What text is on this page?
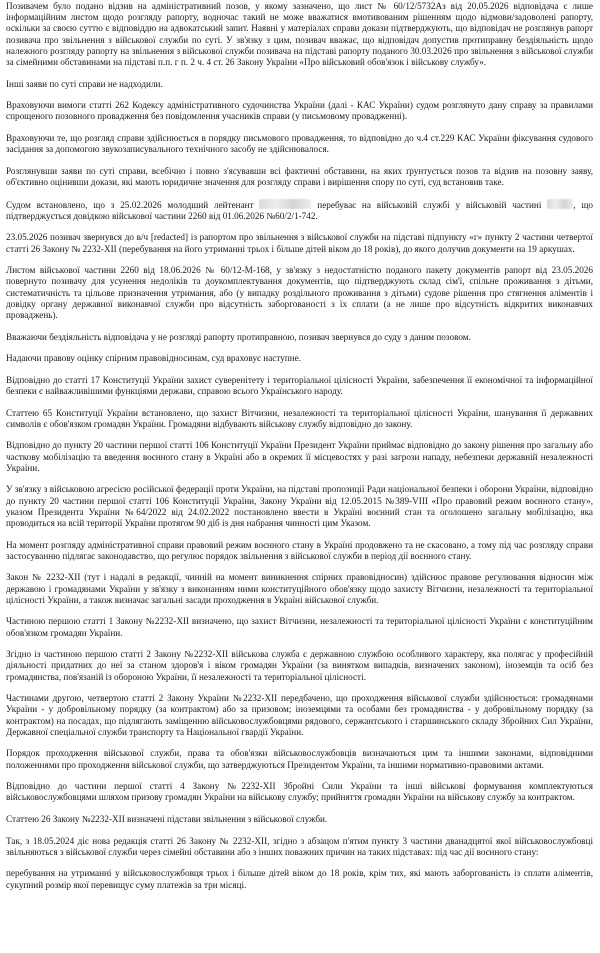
Позивачем було подано відзив на адміністративний позов, у якому зазначено, що лист № 60/12/5732Аз від 20.05.2026 відповідача є лише інформаційним листом щодо розгляду рапорту, водночас такий не може вважатися вмотивованим рішенням щодо відмови/задоволені рапорту, оскільки за своєю суттю є відповіддю на адвокатський запит. Наявні у матеріалах справи докази підтверджують, що відповідач не розглянув рапорт позивача про звільнення з військової служби по суті. У зв'язку з цим, позивач вважає, що відповідач допустив протиправну бездіяльність щодо належного розгляду рапорту на звільнення з військової служби позивача на підставі рапорту поданого 30.03.2026 про звільнення з військової служби за сімейними обставинами на підставі п.п. г п. 2 ч. 4 ст. 26 Закону України «Про військовий обов'язок і військову службу».

Інші заяви по суті справи не надходили.

Враховуючи вимоги статті 262 Кодексу адміністративного судочинства України (далі - КАС України) судом розглянуто дану справу за правилами спрощеного позовного провадження без повідомлення учасників справи (у письмовому провадженні).

Враховуючи те, що розгляд справи здійснюється в порядку письмового провадження, то відповідно до ч.4 ст.229 КАС України фіксування судового засідання за допомогою звукозаписувального технічного засобу не здійснювалося.

Розглянувши заяви по суті справи, всебічно і повно з'ясувавши всі фактичні обставини, на яких ґрунтується позов та відзив на позовну заяву, об'єктивно оцінивши докази, які мають юридичне значення для розгляду справи і вирішення спору по суті, суд встановив таке.

Судом встановлено, що з 25.02.2026 молодший лейтенант	перебуває на військовій службі у військовій частині	, що підтверджується довідкою військової частини 2260 від 01.06.2026 №60/2/1-742.

23.05.2026 позивач звернувся до в/ч [redacted] із рапортом про звільнення з військової служби на підставі підпункту «г» пункту 2 частини четвертої статті 26 Закону № 2232-XII (перебування на його утриманні трьох і більше дітей віком до 18 років), до якого долучив документи на 19 аркушах.

Листом військової частини 2260 від 18.06.2026 № 60/12-М-168, у зв'язку з недостатністю поданого пакету документів рапорт від 23.05.2026 повернуто позивачу для усунення недоліків та доукомплектування документів, що підтверджують склад сім'ї, спільне проживання з дітьми, систематичність та цільове призначення утримання, або (у випадку роздільного проживання з дітьми) судове рішення про стягнення аліментів і довідку органу державної виконавчої служби про відсутність заборгованості з їх сплати (а не лише про відсутність відкритих виконавчих проваджень).

Вважаючи бездіяльність відповідача у не розгляді рапорту протиправною, позивач звернувся до суду з даним позовом.

Надаючи правову оцінку спірним правовідносинам, суд враховує наступне.

Відповідно до статті 17 Конституції України захист суверенітету і територіальної цілісності України, забезпечення її економічної та інформаційної безпеки є найважливішими функціями держави, справою всього Українського народу.

Статтею 65 Конституції України встановлено, що захист Вітчизни, незалежності та територіальної цілісності України, шанування її державних символів є обов'язком громадян України. Громадяни відбувають військову службу відповідно до закону.

Відповідно до пункту 20 частини першої статті 106 Конституції України Президент України приймає відповідно до закону рішення про загальну або часткову мобілізацію та введення воєнного стану в Україні або в окремих її місцевостях у разі загрози нападу, небезпеки державній незалежності України.

У зв'язку з військовою агресією російської федерації проти України, на підставі пропозиції Ради національної безпеки і оборони України, відповідно до пункту 20 частини першої статті 106 Конституції України, Закону України від 12.05.2015 №389-VIII «Про правовий режим воєнного стану», указом Президента України №64/2022 від 24.02.2022 постановлено ввести в Україні воєнний стан та оголошено загальну мобілізацію, яка проводиться на всій території України протягом 90 діб із дня набрання чинності цим Указом.

На момент розгляду адміністративної справи правовий режим воєнного стану в Україні продовжено та не скасовано, а тому під час розгляду справи застосуванню підлягає законодавство, що регулює порядок звільнення з військової служби в період дії воєнного стану.

Закон № 2232-XII (тут і надалі в редакції, чинній на момент виникнення спірних правовідносин) здійснює правове регулювання відносин між державою і громадянами України у зв'язку з виконанням ними конституційного обов'язку щодо захисту Вітчизни, незалежності та територіальної цілісності України, а також визначає загальні засади проходження в Україні військової служби.

Частиною першою статті 1 Закону №2232-XII визначено, що захист Вітчизни, незалежності та територіальної цілісності України є конституційним обов'язком громадян України.

Згідно із частиною першою статті 2 Закону №2232-XII військова служба є державною службою особливого характеру, яка полягає у професійній діяльності придатних до неї за станом здоров'я і віком громадян України (за винятком випадків, визначених законом), іноземців та осіб без громадянства, пов'язаній із обороною України, її незалежності та територіальної цілісності.

Частинами другою, четвертою статті 2 Закону України №2232-XII передбачено, що проходження військової служби здійснюється: громадянами України - у добровільному порядку (за контрактом) або за призовом; іноземцями та особами без громадянства - у добровільному порядку (за контрактом) на посадах, що підлягають заміщенню військовослужбовцями рядового, сержантського і старшинського складу Збройних Сил України, Державної спеціальної служби транспорту та Національної гвардії України.

Порядок проходження військової служби, права та обов'язки військовослужбовців визначаються цим та іншими законами, відповідними положеннями про проходження військової служби, що затверджуються Президентом України, та іншими нормативно-правовими актами.

Відповідно до частини першої статті 4 Закону №2232-XII Збройні Сили України та інші військові формування комплектуються військовослужбовцями шляхом призову громадян України на військову службу; прийняття громадян України на військову службу за контрактом.

Статтею 26 Закону №2232-XII визначені підстави звільнення з військової служби.

Так, з 18.05.2024 діє нова редакція статті 26 Закону № 2232-XII, згідно з абзацом п'ятим пункту 3 частини дванадцятої якої військовослужбовці звільняються з військової служби через сімейні обставини або з інших поважних причин на таких підставах: під час дії воєнного стану:

перебування на утриманні у військовослужбовця трьох і більше дітей віком до 18 років, крім тих, які мають заборгованість із сплати аліментів, сукупний розмір якої перевищує суму платежів за три місяці.
